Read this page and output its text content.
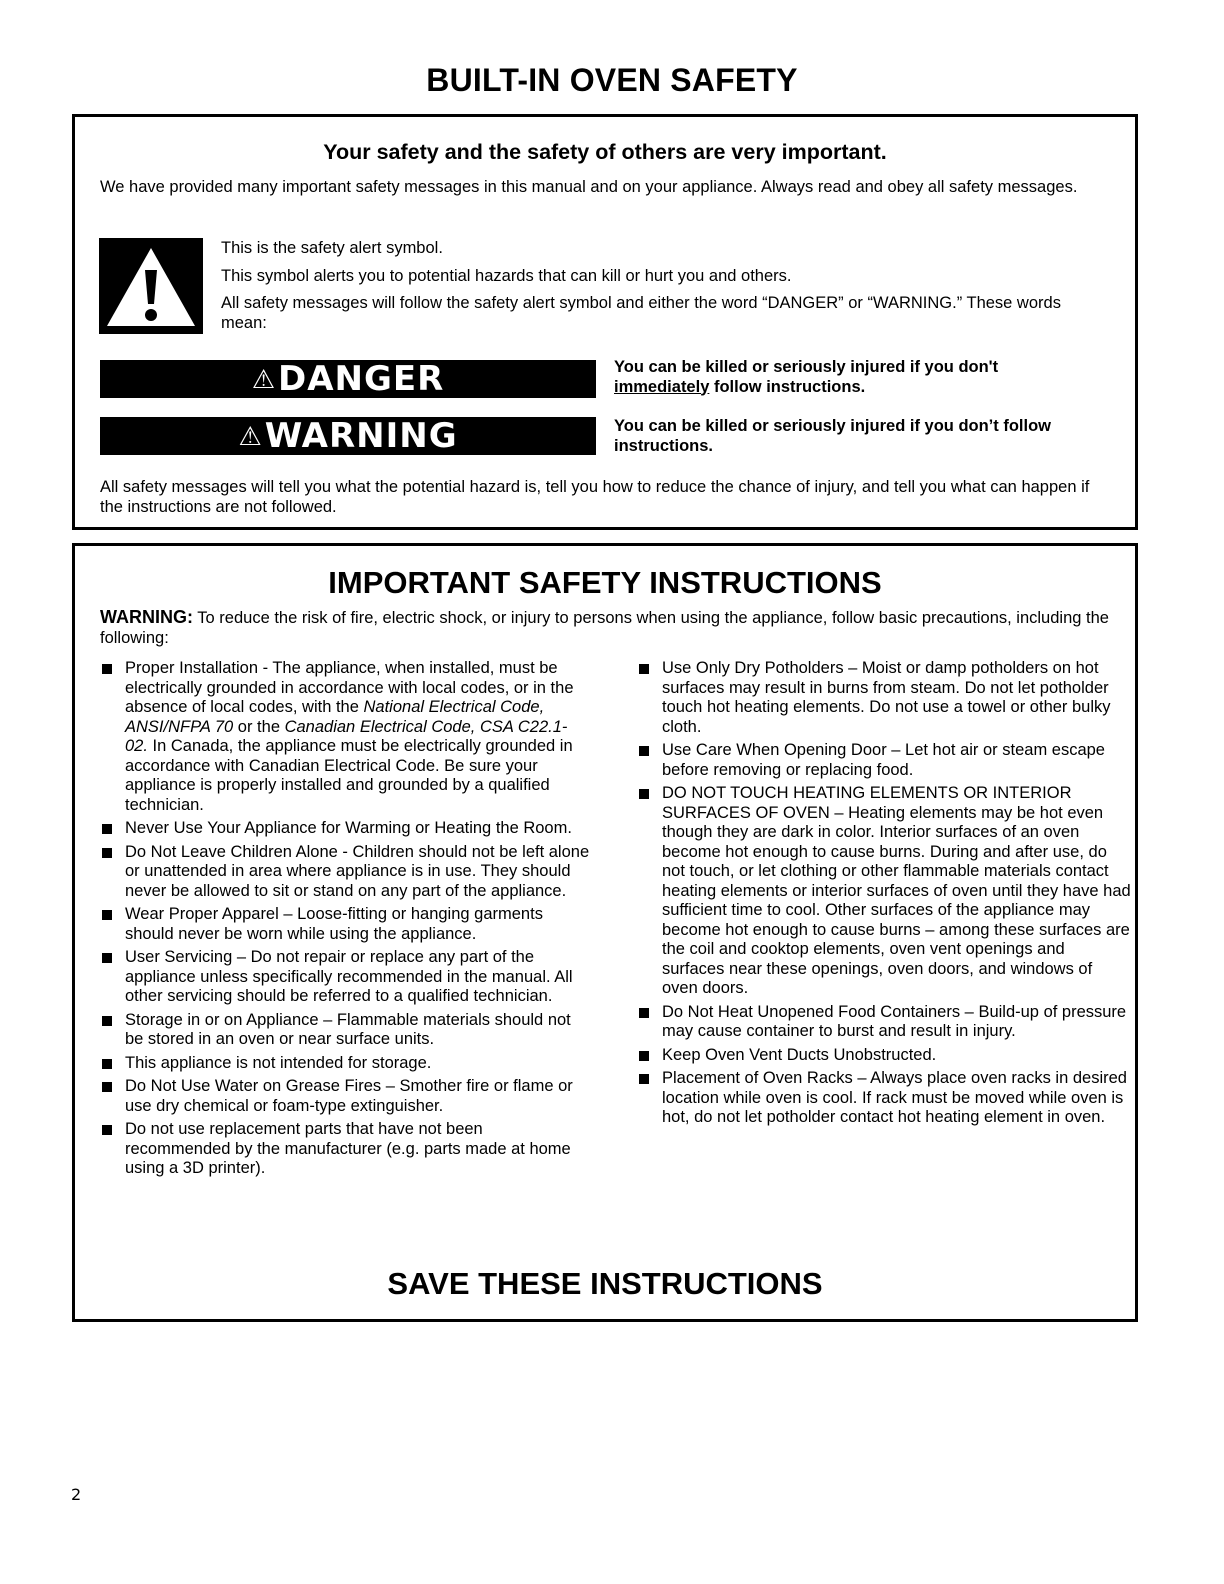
BUILT-IN OVEN SAFETY
Your safety and the safety of others are very important.
We have provided many important safety messages in this manual and on your appliance. Always read and obey all safety messages.
This is the safety alert symbol.
This symbol alerts you to potential hazards that can kill or hurt you and others.
All safety messages will follow the safety alert symbol and either the word “DANGER” or “WARNING.” These words mean:
⚠DANGER	You can be killed or seriously injured if you don't
immediately follow instructions.
⚠WARNING	You can be killed or seriously injured if you don’t follow instructions.
All safety messages will tell you what the potential hazard is, tell you how to reduce the chance of injury, and tell you what can happen if the instructions are not followed.
IMPORTANT SAFETY INSTRUCTIONS
WARNING: To reduce the risk of fire, electric shock, or injury to persons when using the appliance, follow basic precautions, including the following:
Proper Installation - The appliance, when installed, must be electrically grounded in accordance with local codes, or in the absence of local codes, with the National Electrical Code, ANSI/NFPA 70 or the Canadian Electrical Code, CSA C22.1-02. In Canada, the appliance must be electrically grounded in accordance with Canadian Electrical Code. Be sure your appliance is properly installed and grounded by a qualified technician.
Never Use Your Appliance for Warming or Heating the Room.
Do Not Leave Children Alone - Children should not be left alone or unattended in area where appliance is in use. They should never be allowed to sit or stand on any part of the appliance.
Wear Proper Apparel – Loose-fitting or hanging garments should never be worn while using the appliance.
User Servicing – Do not repair or replace any part of the appliance unless specifically recommended in the manual. All other servicing should be referred to a qualified technician.
Storage in or on Appliance – Flammable materials should not be stored in an oven or near surface units.
This appliance is not intended for storage.
Do Not Use Water on Grease Fires – Smother fire or flame or use dry chemical or foam-type extinguisher.
Do not use replacement parts that have not been recommended by the manufacturer (e.g. parts made at home using a 3D printer).
Use Only Dry Potholders – Moist or damp potholders on hot surfaces may result in burns from steam. Do not let potholder touch hot heating elements. Do not use a towel or other bulky cloth.
Use Care When Opening Door – Let hot air or steam escape before removing or replacing food.
DO NOT TOUCH HEATING ELEMENTS OR INTERIOR SURFACES OF OVEN – Heating elements may be hot even though they are dark in color. Interior surfaces of an oven become hot enough to cause burns. During and after use, do not touch, or let clothing or other flammable materials contact heating elements or interior surfaces of oven until they have had sufficient time to cool. Other surfaces of the appliance may become hot enough to cause burns – among these surfaces are the coil and cooktop elements, oven vent openings and surfaces near these openings, oven doors, and windows of oven doors.
Do Not Heat Unopened Food Containers – Build-up of pressure may cause container to burst and result in injury.
Keep Oven Vent Ducts Unobstructed.
Placement of Oven Racks – Always place oven racks in desired location while oven is cool. If rack must be moved while oven is hot, do not let potholder contact hot heating element in oven.
SAVE THESE INSTRUCTIONS
2
